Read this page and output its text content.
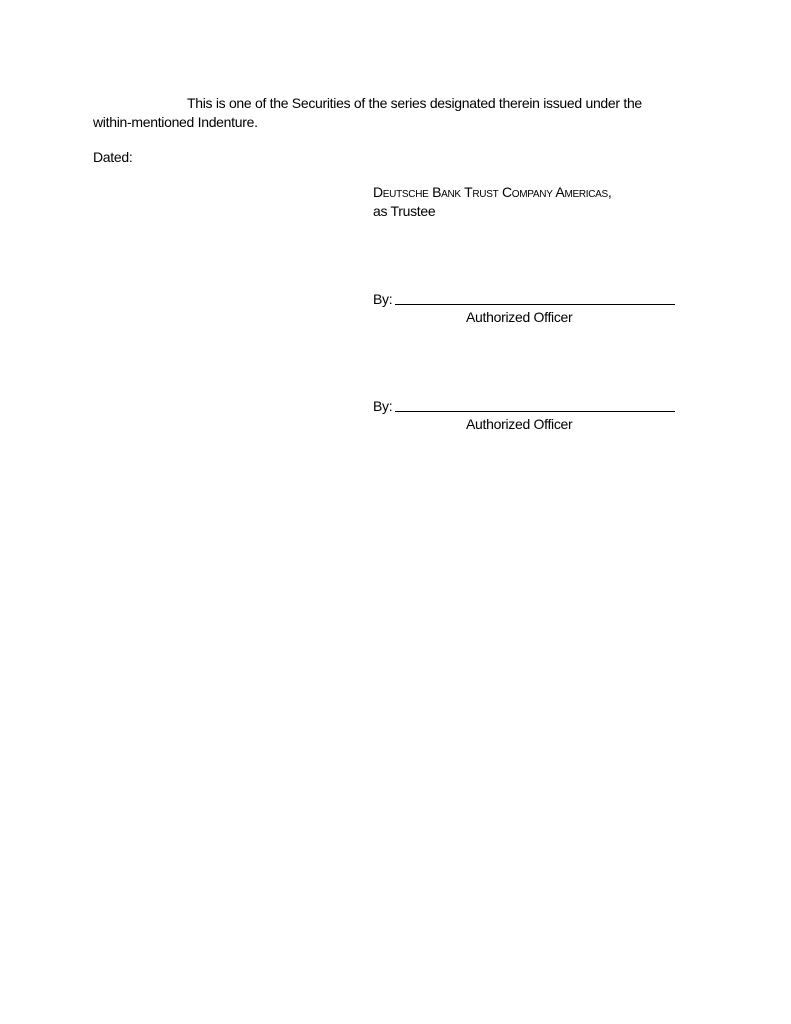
This is one of the Securities of the series designated therein issued under the
within-mentioned Indenture.
Dated:
Deutsche Bank Trust Company Americas,
as Trustee
By:
Authorized Officer
By:
Authorized Officer
